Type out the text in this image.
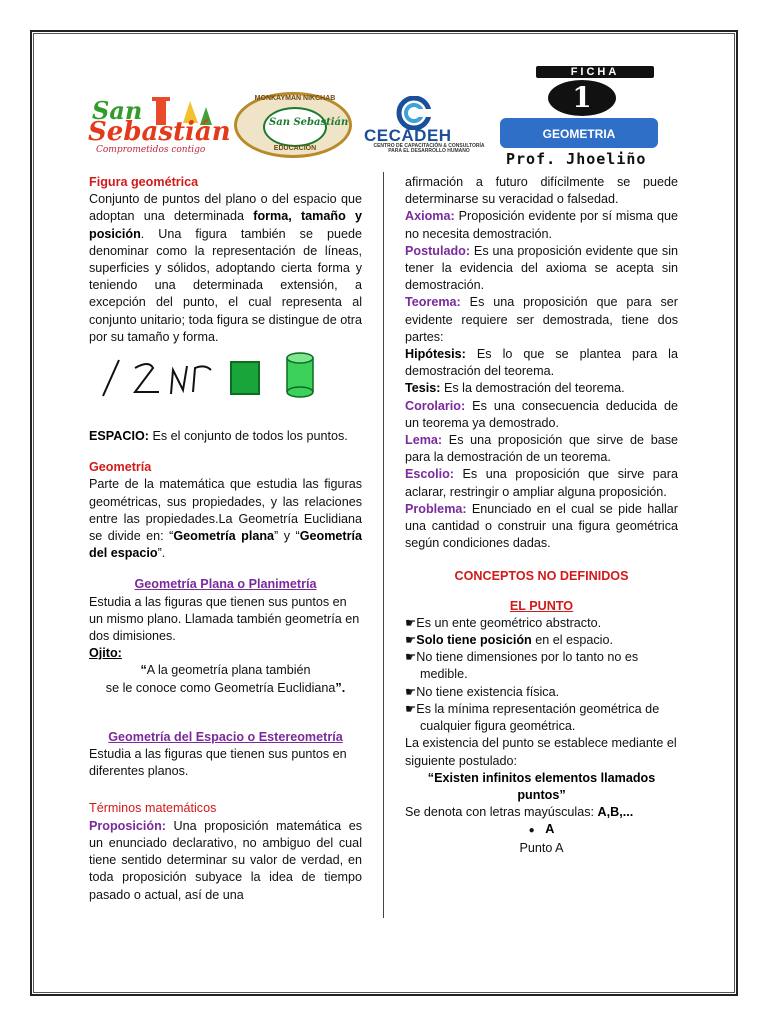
San
Sebastián
Comprometidos contigo
MONKAYMAN NIKCHAB
San Sebastián
EDUCACIÓN
CECADEH
CENTRO DE CAPACITACIÓN & CONSULTORÍA PARA EL DESARROLLO HUMANO
FICHA
1
GEOMETRIA
Prof. Jhoeliño

Figura geométrica

Conjunto de puntos del plano o del espacio que adoptan una determinada forma, tamaño y posición. Una figura también se puede denominar como la representación de líneas, superficies y sólidos, adoptando cierta forma y teniendo una determinada extensión, a excepción del punto, el cual representa al conjunto unitario; toda figura se distingue de otra por su tamaño y forma.

ESPACIO: Es el conjunto de todos los puntos.

Geometría

Parte de la matemática que estudia las figuras geométricas, sus propiedades, y las relaciones entre las propiedades.La Geometría Euclidiana se divide en: “Geometría plana” y “Geometría del espacio”.

Geometría Plana o Planimetría

Estudia a las figuras que tienen sus puntos en un mismo plano. Llamada también geometría en dos dimisiones.

Ojito:

“A la geometría plana también

se le conoce como Geometría Euclidiana”.

Geometría del Espacio o Estereometría

Estudia a las figuras que tienen sus puntos en diferentes planos.

Términos matemáticos

Proposición: Una proposición matemática es un enunciado declarativo, no ambiguo del cual tiene sentido determinar su valor de verdad, en toda proposición subyace la idea de tiempo pasado o actual, así de una

afirmación a futuro difícilmente se puede determinarse su veracidad o falsedad.

Axioma: Proposición evidente por sí misma que no necesita demostración.

Postulado: Es una proposición evidente que sin tener la evidencia del axioma se acepta sin demostración.

Teorema: Es una proposición que para ser evidente requiere ser demostrada, tiene dos partes:

Hipótesis: Es lo que se plantea para la demostración del teorema.

Tesis: Es la demostración del teorema.

Corolario: Es una consecuencia deducida de un teorema ya demostrado.

Lema: Es una proposición que sirve de base para la demostración de un teorema.

Escolio: Es una proposición que sirve para aclarar, restringir o ampliar alguna proposición.

Problema: Enunciado en el cual se pide hallar una cantidad o construir una figura geométrica según condiciones dadas.

CONCEPTOS NO DEFINIDOS

EL PUNTO

☛Es un ente geométrico abstracto.

☛Solo tiene posición en el espacio.

☛No tiene dimensiones por lo tanto no es medible.

☛No tiene existencia física.

☛Es la mínima representación geométrica de cualquier figura geométrica.

La existencia del punto se establece mediante el siguiente postulado:

“Existen infinitos elementos llamados puntos”

Se denota con letras mayúsculas: A,B,...

● A

Punto A
